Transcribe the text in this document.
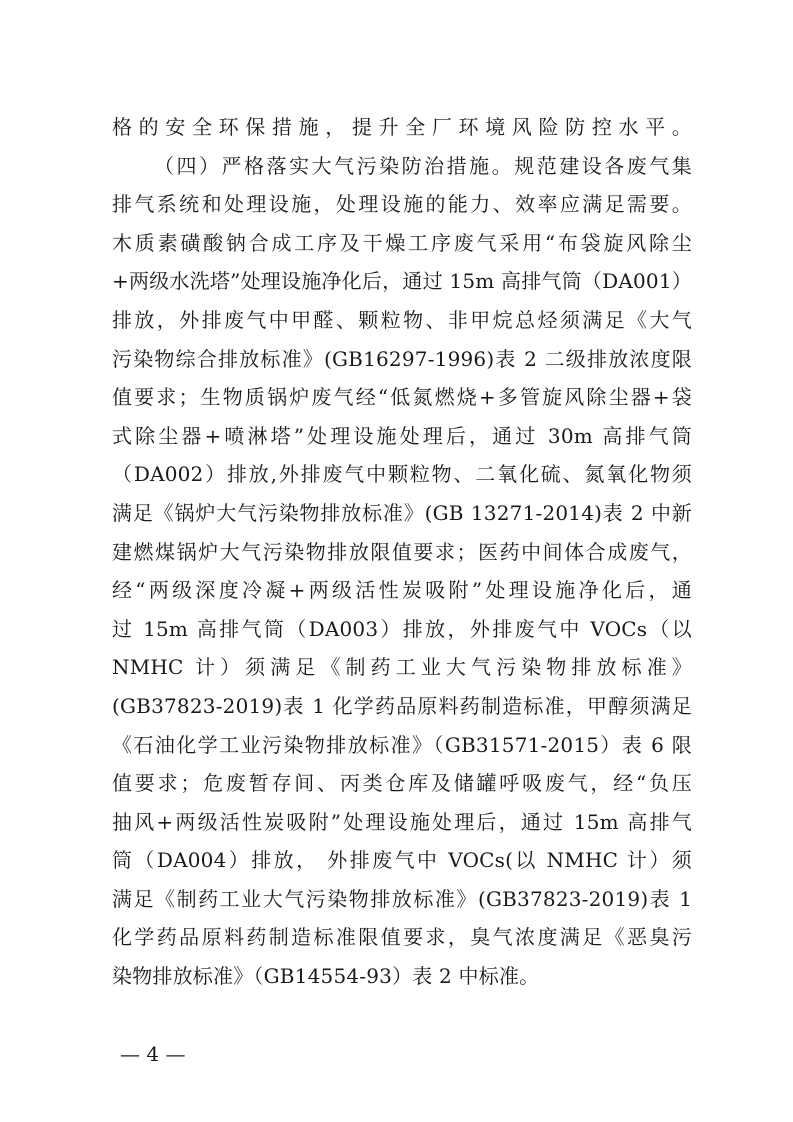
格的安全环保措施，提升全厂环境风险防控水平。
（四）严格落实大气污染防治措施。规范建设各废气集
排气系统和处理设施，处理设施的能力、效率应满足需要。
木质素磺酸钠合成工序及干燥工序废气采用“布袋旋风除尘
+两级水洗塔”处理设施净化后，通过 15m 高排气筒（DA001）
排放，外排废气中甲醛、颗粒物、非甲烷总烃须满足《大气
污染物综合排放标准》(GB16297-1996)表 2 二级排放浓度限
值要求；生物质锅炉废气经“低氮燃烧+多管旋风除尘器+袋
式除尘器+喷淋塔”处理设施处理后，通过 30m 高排气筒
（DA002）排放,外排废气中颗粒物、二氧化硫、氮氧化物须
满足《锅炉大气污染物排放标准》(GB 13271-2014)表 2 中新
建燃煤锅炉大气污染物排放限值要求；医药中间体合成废气，
经“两级深度冷凝+两级活性炭吸附”处理设施净化后，通
过 15m 高排气筒（DA003）排放，外排废气中 VOCs（以
NMHC 计）须满足《制药工业大气污染物排放标准》
(GB37823-2019)表 1 化学药品原料药制造标准，甲醇须满足
《石油化学工业污染物排放标准》（GB31571-2015）表 6 限
值要求；危废暂存间、丙类仓库及储罐呼吸废气，经“负压
抽风+两级活性炭吸附”处理设施处理后，通过 15m 高排气
筒（DA004）排放， 外排废气中 VOCs(以 NMHC 计）须
满足《制药工业大气污染物排放标准》(GB37823-2019)表 1
化学药品原料药制造标准限值要求，臭气浓度满足《恶臭污
染物排放标准》（GB14554-93）表 2 中标准。
— 4 —
